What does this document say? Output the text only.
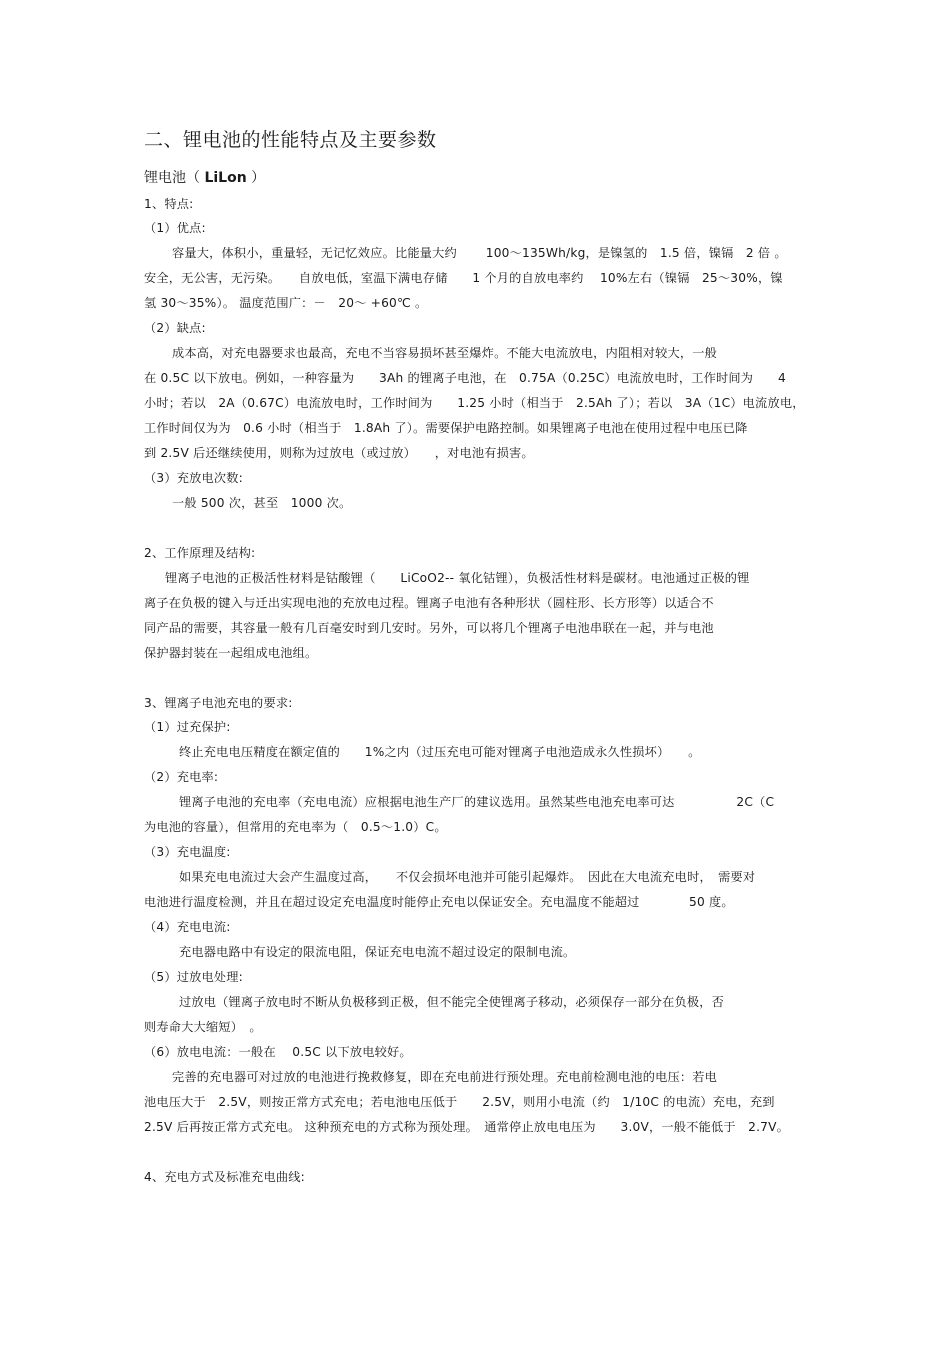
二、锂电池的性能特点及主要参数
锂电池（ LiLon ）
1、特点:
（1）优点:
容量大，体积小，重量轻，无记忆效应。比能量大约　　 100～135Wh/kg，是镍氢的　1.5 倍，镍镉　2 倍 。
安全，无公害，无污染。　　自放电低，室温下满电存储　　1 个月的自放电率约　 10%左右（镍镉　25～30%，镍
氢 30～35%）。 温度范围广：－　20～ +60℃ 。
（2）缺点:
成本高，对充电器要求也最高，充电不当容易损坏甚至爆炸。不能大电流放电，内阻相对较大，一般
在 0.5C 以下放电。例如，一种容量为　　3Ah 的锂离子电池，在　0.75A（0.25C）电流放电时，工作时间为　　4
小时；若以　2A（0.67C）电流放电时，工作时间为　　1.25 小时（相当于　2.5Ah 了）；若以　3A（1C）电流放电，
工作时间仅为为　0.6 小时（相当于　1.8Ah 了）。需要保护电路控制。如果锂离子电池在使用过程中电压已降
到 2.5V 后还继续使用，则称为过放电（或过放）　　，对电池有损害。
（3）充放电次数:
一般 500 次，甚至　1000 次。
2、工作原理及结构:
锂离子电池的正极活性材料是钴酸锂（　　LiCoO2-- 氧化钴锂），负极活性材料是碳材。电池通过正极的锂
离子在负极的键入与迁出实现电池的充放电过程。锂离子电池有各种形状（圆柱形、长方形等）以适合不
同产品的需要，其容量一般有几百毫安时到几安时。另外，可以将几个锂离子电池串联在一起，并与电池
保护器封装在一起组成电池组。
3、锂离子电池充电的要求:
（1）过充保护:
终止充电电压精度在额定值的　　1%之内（过压充电可能对锂离子电池造成永久性损坏）　　。
（2）充电率:
锂离子电池的充电率（充电电流）应根据电池生产厂的建议选用。虽然某些电池充电率可达　　　　　2C（C
为电池的容量），但常用的充电率为（　0.5～1.0）C。
（3）充电温度:
如果充电电流过大会产生温度过高，　　不仅会损坏电池并可能引起爆炸。　因此在大电流充电时，　需要对
电池进行温度检测，并且在超过设定充电温度时能停止充电以保证安全。充电温度不能超过　　　　50 度。
（4）充电电流:
充电器电路中有设定的限流电阻，保证充电电流不超过设定的限制电流。
（5）过放电处理:
过放电（锂离子放电时不断从负极移到正极，但不能完全使锂离子移动，必须保存一部分在负极，否
则寿命大大缩短）　。
（6）放电电流：一般在　 0.5C 以下放电较好。
完善的充电器可对过放的电池进行挽救修复，即在充电前进行预处理。充电前检测电池的电压：若电
池电压大于　2.5V，则按正常方式充电；若电池电压低于　　2.5V，则用小电流（约　1/10C 的电流）充电，充到
2.5V 后再按正常方式充电。 这种预充电的方式称为预处理。　通常停止放电电压为　　3.0V，一般不能低于　2.7V。
4、充电方式及标准充电曲线:
